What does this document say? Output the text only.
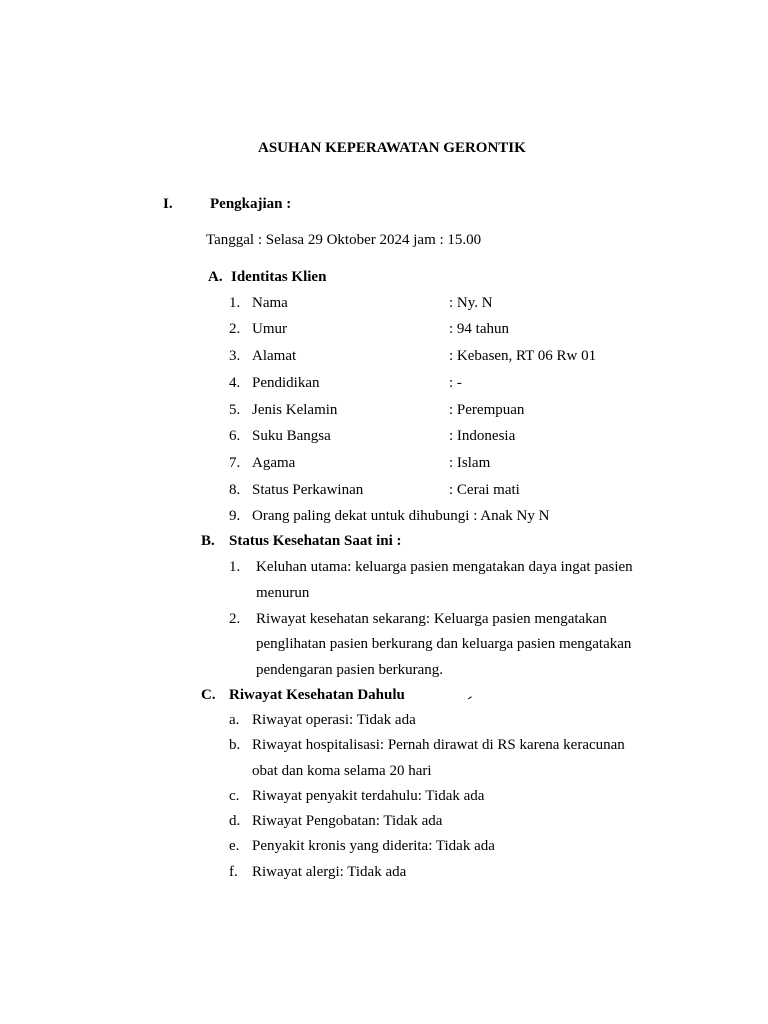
ASUHAN KEPERAWATAN GERONTIK
I. Pengkajian :
Tanggal : Selasa 29 Oktober 2024 jam : 15.00
A. Identitas Klien
1. Nama	: Ny. N
2. Umur	: 94 tahun
3. Alamat	: Kebasen, RT 06 Rw 01
4. Pendidikan	: -
5. Jenis Kelamin	: Perempuan
6. Suku Bangsa	: Indonesia
7. Agama	: Islam
8. Status Perkawinan	: Cerai mati
9. Orang paling dekat untuk dihubungi : Anak Ny N
B. Status Kesehatan Saat ini :
1. Keluhan utama: keluarga pasien mengatakan daya ingat pasien
menurun
2. Riwayat kesehatan sekarang: Keluarga pasien mengatakan
penglihatan pasien berkurang dan keluarga pasien mengatakan
pendengaran pasien berkurang.
C. Riwayat Kesehatan Dahulu
a. Riwayat operasi: Tidak ada
b. Riwayat hospitalisasi: Pernah dirawat di RS karena keracunan
obat dan koma selama 20 hari
c. Riwayat penyakit terdahulu: Tidak ada
d. Riwayat Pengobatan: Tidak ada
e. Penyakit kronis yang diderita: Tidak ada
f. Riwayat alergi: Tidak ada
